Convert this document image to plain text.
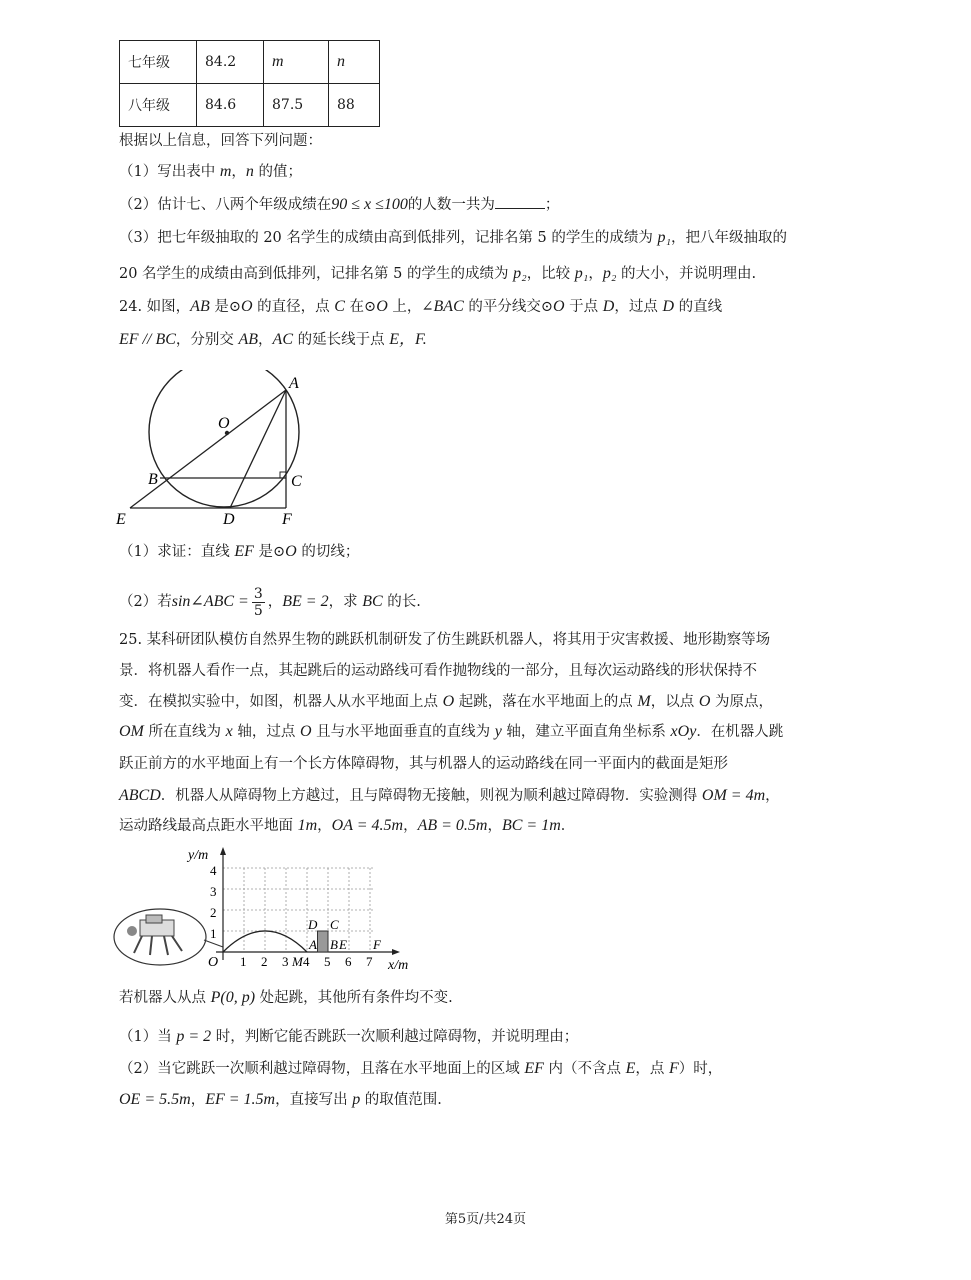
七年级	84.2	m	n
八年级	84.6	87.5	88
根据以上信息，回答下列问题：
（1）写出表中 m，n 的值；
（2）估计七、八两个年级成绩在90 ≤ x ≤100的人数一共为	；
（3）把七年级抽取的 20 名学生的成绩由高到低排列，记排名第 5 的学生的成绩为 p₁，把八年级抽取的
20 名学生的成绩由高到低排列，记排名第 5 的学生的成绩为 p₂，比较 p₁，p₂ 的大小，并说明理由.
24. 如图，AB 是⊙O 的直径，点 C 在⊙O 上，∠BAC 的平分线交⊙O 于点 D，过点 D 的直线
EF // BC，分别交 AB，AC 的延长线于点 E，F.
A
O
B	C
E	D	F
（1）求证：直线 EF 是⊙O 的切线；
（2）若sin∠ABC = $\frac{3}{5}$ ，BE = 2，求 BC 的长.
25. 某科研团队模仿自然界生物的跳跃机制研发了仿生跳跃机器人，将其用于灾害救援、地形勘察等场
景．将机器人看作一点，其起跳后的运动路线可看作抛物线的一部分，且每次运动路线的形状保持不
变．在模拟实验中，如图，机器人从水平地面上点 O 起跳，落在水平地面上的点 M，以点 O 为原点，
OM 所在直线为 x 轴，过点 O 且与水平地面垂直的直线为 y 轴，建立平面直角坐标系 xOy．在机器人跳
跃正前方的水平地面上有一个长方体障碍物，其与机器人的运动路线在同一平面内的截面是矩形
ABCD．机器人从障碍物上方越过，且与障碍物无接触，则视为顺利越过障碍物．实验测得 OM = 4m，
运动路线最高点距水平地面 1m，OA = 4.5m，AB = 0.5m，BC = 1m．
y/m
x/m
O
4
3
2
1
1 2 3 M 4 5 6 7
D C
A B E F
若机器人从点 P(0, p) 处起跳，其他所有条件均不变.
（1）当 p = 2 时，判断它能否跳跃一次顺利越过障碍物，并说明理由；
（2）当它跳跃一次顺利越过障碍物，且落在水平地面上的区域 EF 内（不含点 E，点 F）时，
OE = 5.5m，EF = 1.5m，直接写出 p 的取值范围.
第5页/共24页
